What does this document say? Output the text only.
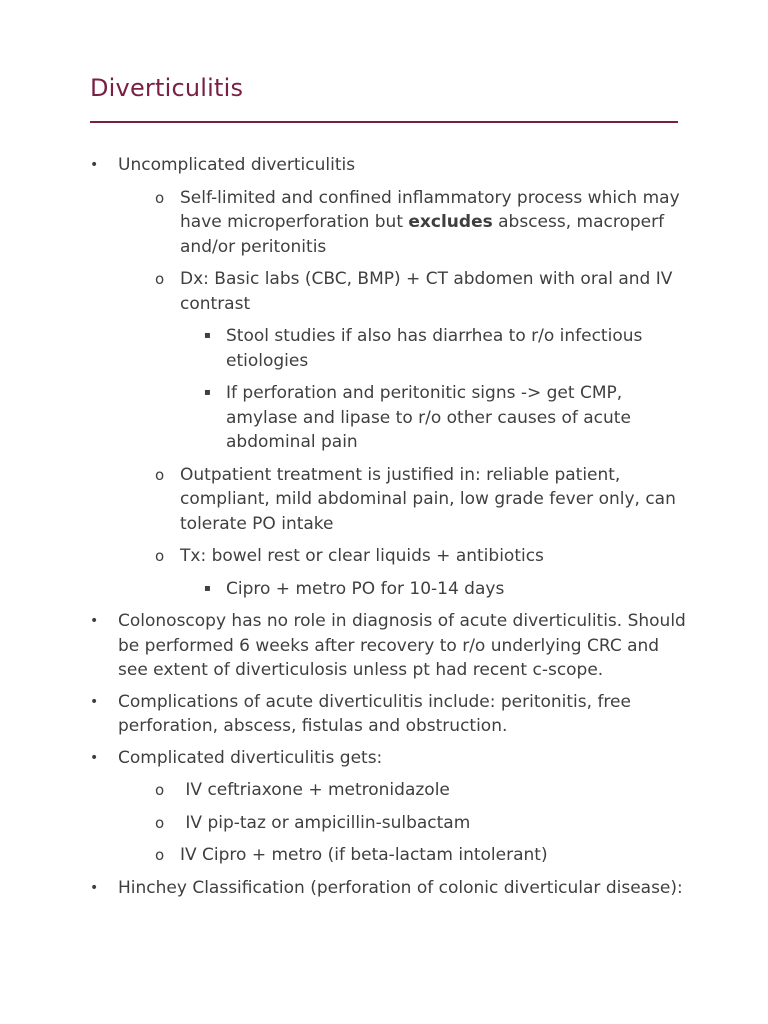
Diverticulitis
• Uncomplicated diverticulitis
o Self-limited and confined inflammatory process which may have microperforation but excludes abscess, macroperf and/or peritonitis
o Dx: Basic labs (CBC, BMP) + CT abdomen with oral and IV contrast
▪ Stool studies if also has diarrhea to r/o infectious etiologies
▪ If perforation and peritonitic signs -> get CMP, amylase and lipase to r/o other causes of acute abdominal pain
o Outpatient treatment is justified in: reliable patient, compliant, mild abdominal pain, low grade fever only, can tolerate PO intake
o Tx: bowel rest or clear liquids + antibiotics
▪ Cipro + metro PO for 10-14 days
• Colonoscopy has no role in diagnosis of acute diverticulitis. Should be performed 6 weeks after recovery to r/o underlying CRC and see extent of diverticulosis unless pt had recent c-scope.
• Complications of acute diverticulitis include: peritonitis, free perforation, abscess, fistulas and obstruction.
• Complicated diverticulitis gets:
o IV ceftriaxone + metronidazole
o IV pip-taz or ampicillin-sulbactam
o IV Cipro + metro (if beta-lactam intolerant)
• Hinchey Classification (perforation of colonic diverticular disease):
